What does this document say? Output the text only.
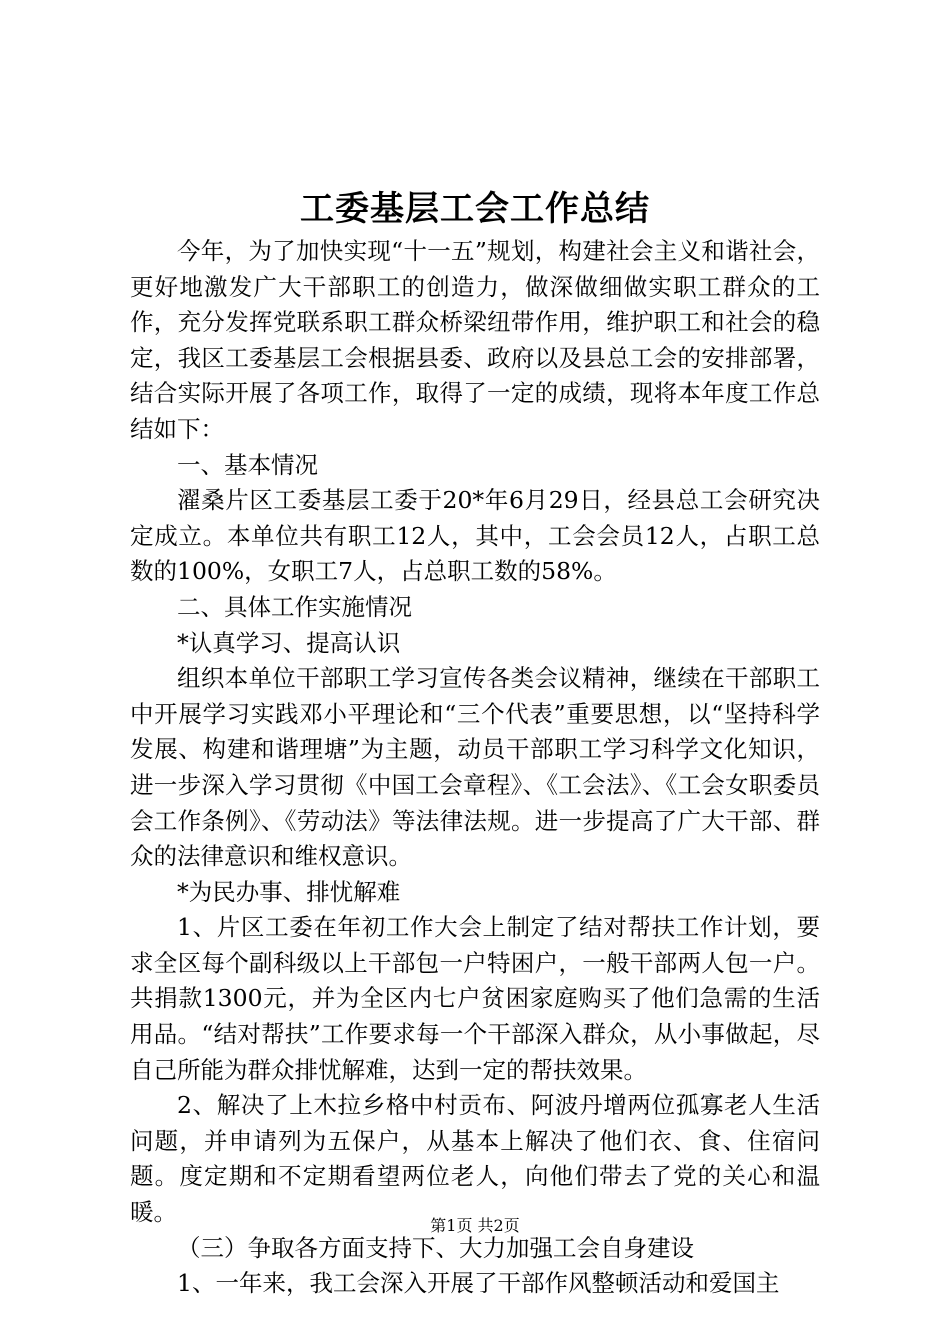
工委基层工会工作总结

今年，为了加快实现“十一五”规划，构建社会主义和谐社会，更好地激发广大干部职工的创造力，做深做细做实职工群众的工作，充分发挥党联系职工群众桥梁纽带作用，维护职工和社会的稳定，我区工委基层工会根据县委、政府以及县总工会的安排部署，结合实际开展了各项工作，取得了一定的成绩，现将本年度工作总结如下：

一、基本情况

濯桑片区工委基层工委于20*年6月29日，经县总工会研究决定成立。本单位共有职工12人，其中，工会会员12人，占职工总数的100%，女职工7人，占总职工数的58%。

二、具体工作实施情况

*认真学习、提高认识

组织本单位干部职工学习宣传各类会议精神，继续在干部职工中开展学习实践邓小平理论和“三个代表”重要思想，以“坚持科学发展、构建和谐理塘”为主题，动员干部职工学习科学文化知识，进一步深入学习贯彻《中国工会章程》、《工会法》、《工会女职委员会工作条例》、《劳动法》等法律法规。进一步提高了广大干部、群众的法律意识和维权意识。

*为民办事、排忧解难

1、片区工委在年初工作大会上制定了结对帮扶工作计划，要求全区每个副科级以上干部包一户特困户，一般干部两人包一户。共捐款1300元，并为全区内七户贫困家庭购买了他们急需的生活用品。“结对帮扶”工作要求每一个干部深入群众，从小事做起，尽自己所能为群众排忧解难，达到一定的帮扶效果。

2、解决了上木拉乡格中村贡布、阿波丹增两位孤寡老人生活问题，并申请列为五保户，从基本上解决了他们衣、食、住宿问题。度定期和不定期看望两位老人，向他们带去了党的关心和温暖。

（三）争取各方面支持下、大力加强工会自身建设

1、一年来，我工会深入开展了干部作风整顿活动和爱国主

第1页 共2页
